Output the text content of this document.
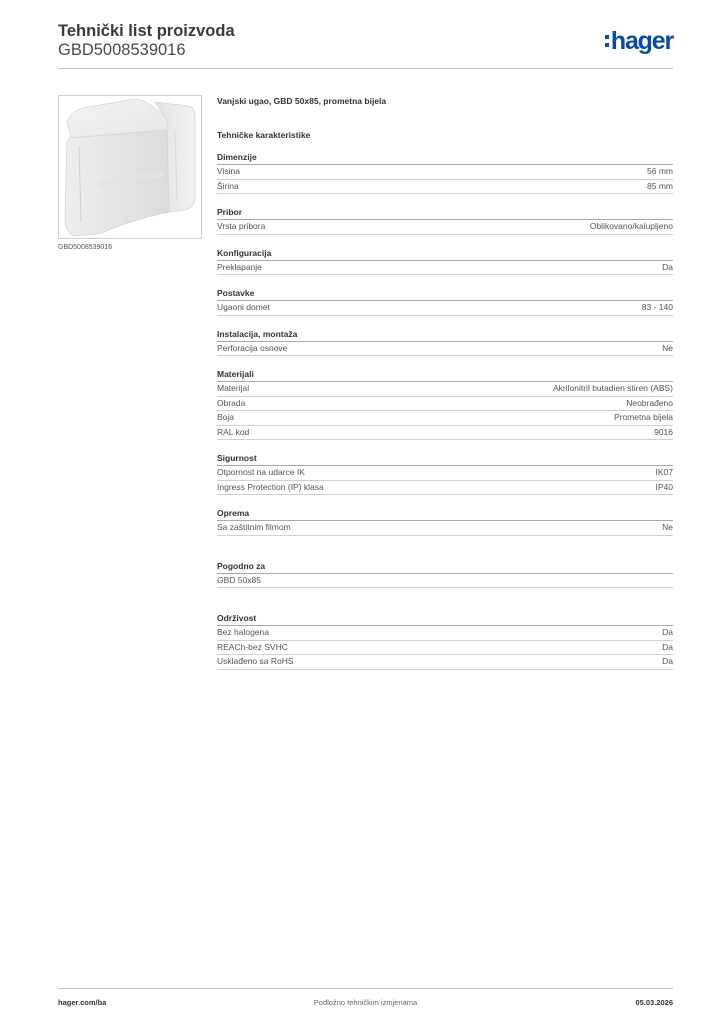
Tehnički list proizvoda
GBD5008539016	hager
GBD5008539016
Vanjski ugao, GBD 50x85, prometna bijela
Tehničke karakteristike
Dimenzije
Visina	56 mm
Širina	85 mm
Pribor
Vrsta pribora	Oblikovano/kalupljeno
Konfiguracija
Preklapanje	Da
Postavke
Ugaoni domet	83 - 140
Instalacija, montaža
Perforacija osnove	Ne
Materijali
Materijal	Akrilonitril butadien stiren (ABS)
Obrada	Neobrađeno
Boja	Prometna bijela
RAL kod	9016
Sigurnost
Otpornost na udarce IK	IK07
Ingress Protection (IP) klasa	IP40
Oprema
Sa zaštitnim filmom	Ne
Pogodno za
GBD 50x85
Održivost
Bez halogena	Da
REACh-bez SVHC	Da
Usklađeno sa RoHS	Da
hager.com/ba	Podložno tehničkim izmjenama	05.03.2026
